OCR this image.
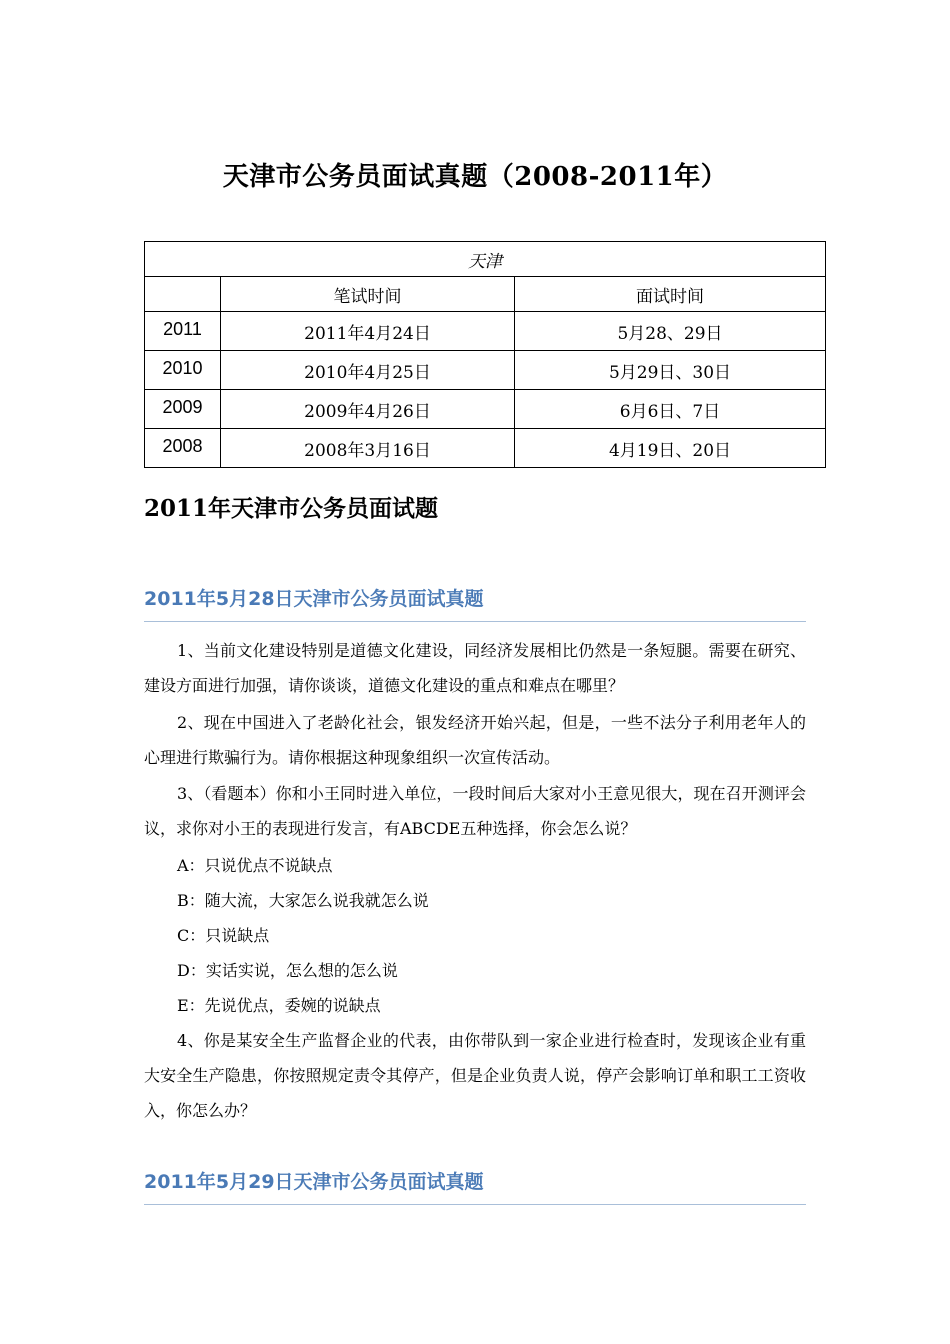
天津市公务员面试真题（2008-2011年）
天津		
	笔试时间	面试时间
2011	2011年4月24日	5月28、29日
2010	2010年4月25日	5月29日、30日
2009	2009年4月26日	6月6日、7日
2008	2008年3月16日	4月19日、20日
2011年天津市公务员面试题
2011年5月28日天津市公务员面试真题
1、当前文化建设特别是道德文化建设，同经济发展相比仍然是一条短腿。需要在研究、建设方面进行加强，请你谈谈，道德文化建设的重点和难点在哪里？
2、现在中国进入了老龄化社会，银发经济开始兴起，但是，一些不法分子利用老年人的心理进行欺骗行为。请你根据这种现象组织一次宣传活动。
3、（看题本）你和小王同时进入单位，一段时间后大家对小王意见很大，现在召开测评会议，求你对小王的表现进行发言，有ABCDE五种选择，你会怎么说？
A：只说优点不说缺点
B：随大流，大家怎么说我就怎么说
C：只说缺点
D：实话实说，怎么想的怎么说
E：先说优点，委婉的说缺点
4、你是某安全生产监督企业的代表，由你带队到一家企业进行检查时，发现该企业有重大安全生产隐患，你按照规定责令其停产，但是企业负责人说，停产会影响订单和职工工资收入，你怎么办？
2011年5月29日天津市公务员面试真题
